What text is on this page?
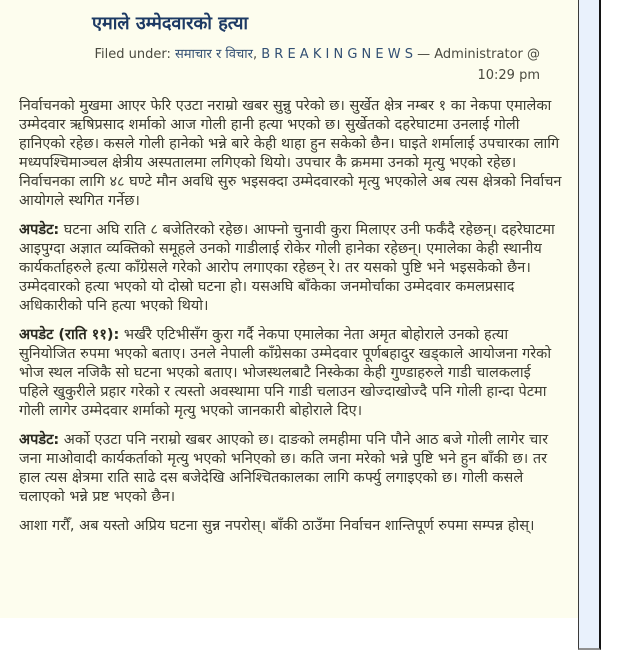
एमाले उम्मेदवारको हत्या
Filed under: समाचार र विचार, B R E A K I N G N E W S — Administrator @ 10:29 pm

निर्वाचनको मुखमा आएर फेरि एउटा नराम्रो खबर सुन्नु परेको छ। सुर्खेत क्षेत्र नम्बर १ का नेकपा एमालेका उम्मेदवार ऋषिप्रसाद शर्माको आज गोली हानी हत्या भएको छ। सुर्खेतको दहरेघाटमा उनलाई गोली हानिएको रहेछ। कसले गोली हानेको भन्ने बारे केही थाहा हुन सकेको छैन। घाइते शर्मालाई उपचारका लागि मध्यपश्चिमाञ्चल क्षेत्रीय अस्पतालमा लगिएको थियो। उपचार कै क्रममा उनको मृत्यु भएको रहेछ। निर्वाचनका लागि ४८ घण्टे मौन अवधि सुरु भइसक्दा उम्मेदवारको मृत्यु भएकोले अब त्यस क्षेत्रको निर्वाचन आयोगले स्थगित गर्नेछ।

अपडेट: घटना अघि राति ८ बजेतिरको रहेछ। आफ्नो चुनावी कुरा मिलाएर उनी फर्कँदै रहेछन्। दहरेघाटमा आइपुग्दा अज्ञात व्यक्तिको समूहले उनको गाडीलाई रोकेर गोली हानेका रहेछन्। एमालेका केही स्थानीय कार्यकर्ताहरुले हत्या काँग्रेसले गरेको आरोप लगाएका रहेछन् रे। तर यसको पुष्टि भने भइसकेको छैन।

उम्मेदवारको हत्या भएको यो दोस्रो घटना हो। यसअघि बाँकेका जनमोर्चाका उम्मेदवार कमलप्रसाद अधिकारीको पनि हत्या भएको थियो।

अपडेट (राति ११): भर्खरै एटिभीसँग कुरा गर्दै नेकपा एमालेका नेता अमृत बोहोराले उनको हत्या सुनियोजित रुपमा भएको बताए। उनले नेपाली काँग्रेसका उम्मेदवार पूर्णबहादुर खड्काले आयोजना गरेको भोज स्थल नजिकै सो घटना भएको बताए। भोजस्थलबाटै निस्केका केही गुण्डाहरुले गाडी चालकलाई पहिले खुकुरीले प्रहार गरेको र त्यस्तो अवस्थामा पनि गाडी चलाउन खोज्दाखोज्दै पनि गोली हान्दा पेटमा गोली लागेर उम्मेदवार शर्माको मृत्यु भएको जानकारी बोहोराले दिए।

अपडेट: अर्को एउटा पनि नराम्रो खबर आएको छ। दाङको लमहीमा पनि पौने आठ बजे गोली लागेर चार जना माओवादी कार्यकर्ताको मृत्यु भएको भनिएको छ। कति जना मरेको भन्ने पुष्टि भने हुन बाँकी छ। तर हाल त्यस क्षेत्रमा राति साढे दस बजेदेखि अनिश्चितकालका लागि कर्फ्यु लगाइएको छ। गोली कसले चलाएको भन्ने प्रष्ट भएको छैन।

आशा गरौँ, अब यस्तो अप्रिय घटना सुन्न नपरोस्। बाँकी ठाउँमा निर्वाचन शान्तिपूर्ण रुपमा सम्पन्न होस्।
